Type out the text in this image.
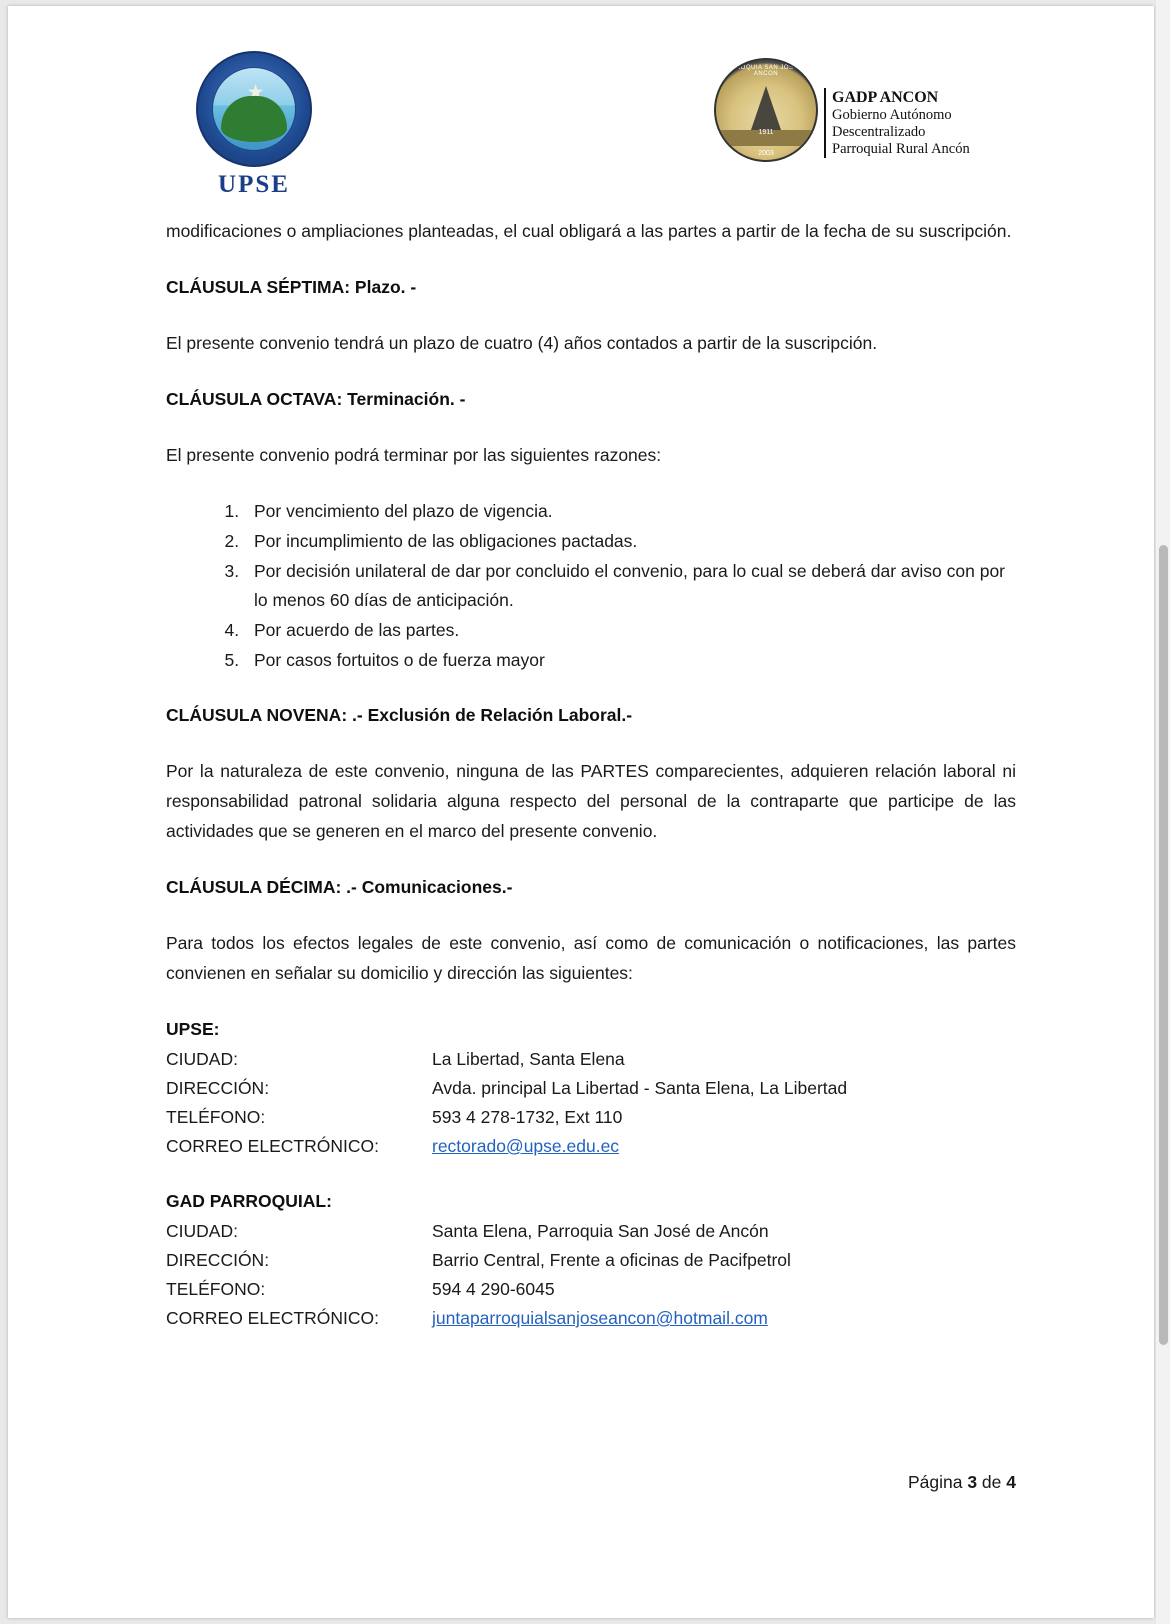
UPSE
PARROQUIA SAN JOSE DE ANCON
1911
2003
GADP ANCON
Gobierno Autónomo Descentralizado
Parroquial Rural Ancón

modificaciones o ampliaciones planteadas, el cual obligará a las partes a partir de la fecha de su suscripción.

CLÁUSULA SÉPTIMA: Plazo. -

El presente convenio tendrá un plazo de cuatro (4) años contados a partir de la suscripción.

CLÁUSULA OCTAVA: Terminación. -

El presente convenio podrá terminar por las siguientes razones:

1. Por vencimiento del plazo de vigencia.
2. Por incumplimiento de las obligaciones pactadas.
3. Por decisión unilateral de dar por concluido el convenio, para lo cual se deberá dar aviso con por lo menos 60 días de anticipación.
4. Por acuerdo de las partes.
5. Por casos fortuitos o de fuerza mayor

CLÁUSULA NOVENA: .- Exclusión de Relación Laboral.-

Por la naturaleza de este convenio, ninguna de las PARTES comparecientes, adquieren relación laboral ni responsabilidad patronal solidaria alguna respecto del personal de la contraparte que participe de las actividades que se generen en el marco del presente convenio.

CLÁUSULA DÉCIMA: .- Comunicaciones.-

Para todos los efectos legales de este convenio, así como de comunicación o notificaciones, las partes convienen en señalar su domicilio y dirección las siguientes:

UPSE:
CIUDAD:	La Libertad, Santa Elena
DIRECCIÓN:	Avda. principal La Libertad - Santa Elena, La Libertad
TELÉFONO:	593 4 278-1732, Ext 110
CORREO ELECTRÓNICO:	rectorado@upse.edu.ec
GAD PARROQUIAL:
CIUDAD:	Santa Elena, Parroquia San José de Ancón
DIRECCIÓN:	Barrio Central, Frente a oficinas de Pacifpetrol
TELÉFONO:	594 4 290-6045
CORREO ELECTRÓNICO:	juntaparroquialsanjoseancon@hotmail.com
Página 3 de 4
